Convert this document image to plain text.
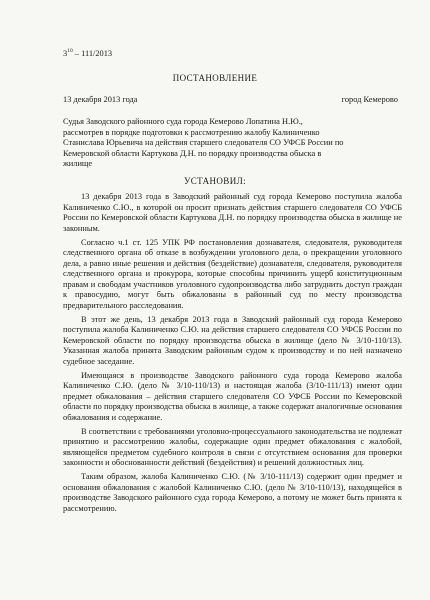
$3^{10} - 111/2013$
ПОСТАНОВЛЕНИЕ
13 декабря 2013 года	город Кемерово

Судья Заводского районного суда города Кемерово Лопатина Н.Ю.,

рассмотрев в порядке подготовки к рассмотрению жалобу Калиниченко

Станислава Юрьевича на действия старшего следователя СО УФСБ России по

Кемеровской области Картукова Д.Н. по порядку производства обыска в

жилище

УСТАНОВИЛ:

13 декабря 2013 года в Заводский районный суд города Кемерово поступила жалоба Калиниченко С.Ю., в которой он просит признать действия старшего следователя СО УФСБ России по Кемеровской области Картукова Д.Н. по порядку производства обыска в жилище не законным.

Согласно ч.1 ст. 125 УПК РФ постановления дознавателя, следователя, руководителя следственного органа об отказе в возбуждении уголовного дела, о прекращении уголовного дела, а равно иные решения и действия (бездействие) дознавателя, следователя, руководителя следственного органа и прокурора, которые способны причинить ущерб конституционным правам и свободам участников уголовного судопроизводства либо затруднить доступ граждан к правосудию, могут быть обжалованы в районный суд по месту производства предварительного расследования.

В этот же день, 13 декабря 2013 года в Заводский районный суд города Кемерово поступила жалоба Калиниченко С.Ю. на действия старшего следователя СО УФСБ России по Кемеровской области по порядку производства обыска в жилище (дело № 3/10-110/13). Указанная жалоба принята Заводским районным судом к производству и по ней назначено судебное заседание.

Имеющаяся в производстве Заводского районного суда города Кемерово жалоба Калиниченко С.Ю. (дело № 3/10-110/13) и настоящая жалоба (3/10-111/13) имеют один предмет обжалования – действия старшего следователя СО УФСБ России по Кемеровской области по порядку производства обыска в жилище, а также содержат аналогичные основания обжалования и содержание.

В соответствии с требованиями уголовно-процессуального законодательства не подлежат принятию и рассмотрению жалобы, содержащие один предмет обжалования с жалобой, являющейся предметом судебного контроля в связи с отсутствием основания для проверки законности и обоснованности действий (бездействия) и решений должностных лиц.

Таким образом, жалоба Калиниченко С.Ю. (№ 3/10-111/13) содержит один предмет и основания обжалования с жалобой Калиниченко С.Ю. (дело № 3/10-110/13), находящейся в производстве Заводского районного суда города Кемерово, а потому не может быть принята к рассмотрению.
